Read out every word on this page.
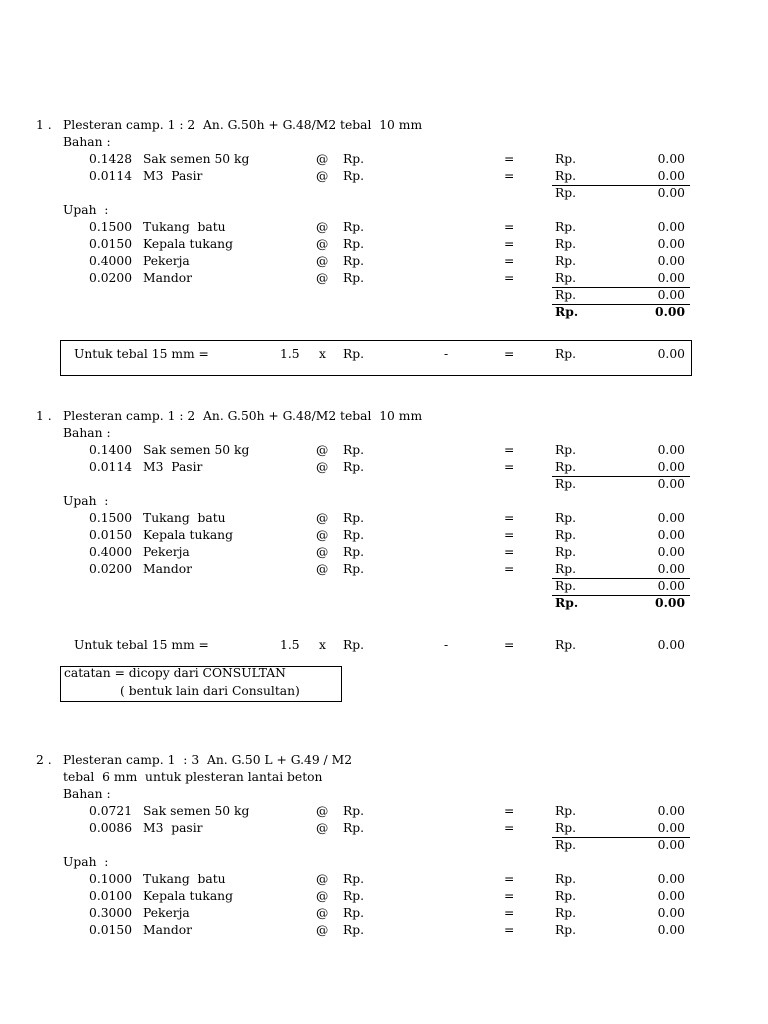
1 . Plesteran camp. 1 : 2  An. G.50h + G.48/M2 tebal  10 mm
Bahan :
0.1428 Sak semen 50 kg	@ Rp.	=	Rp.	0.00
0.0114 M3  Pasir	@ Rp.	=	Rp.	0.00
Rp.	0.00
Upah  :
0.1500 Tukang  batu	@ Rp.	=	Rp.	0.00
0.0150 Kepala tukang	@ Rp.	=	Rp.	0.00
0.4000 Pekerja	@ Rp.	=	Rp.	0.00
0.0200 Mandor	@ Rp.	=	Rp.	0.00
Rp.	0.00
Rp.	0.00
Untuk tebal 15 mm =	1.5 x Rp.	-	=	Rp.	0.00
1 . Plesteran camp. 1 : 2  An. G.50h + G.48/M2 tebal  10 mm
Bahan :
0.1400 Sak semen 50 kg	@ Rp.	=	Rp.	0.00
0.0114 M3  Pasir	@ Rp.	=	Rp.	0.00
Rp.	0.00
Upah  :
0.1500 Tukang  batu	@ Rp.	=	Rp.	0.00
0.0150 Kepala tukang	@ Rp.	=	Rp.	0.00
0.4000 Pekerja	@ Rp.	=	Rp.	0.00
0.0200 Mandor	@ Rp.	=	Rp.	0.00
Rp.	0.00
Rp.	0.00
Untuk tebal 15 mm =	1.5 x Rp.	-	=	Rp.	0.00
2 . Plesteran camp. 1  : 3  An. G.50 L + G.49 / M2
tebal  6 mm  untuk plesteran lantai beton
Bahan :
0.0721 Sak semen 50 kg	@ Rp.	=	Rp.	0.00
0.0086 M3  pasir	@ Rp.	=	Rp.	0.00
Rp.	0.00
Upah  :
0.1000 Tukang  batu	@ Rp.	=	Rp.	0.00
0.0100 Kepala tukang	@ Rp.	=	Rp.	0.00
0.3000 Pekerja	@ Rp.	=	Rp.	0.00
0.0150 Mandor	@ Rp.	=	Rp.	0.00
catatan = dicopy dari CONSULTAN
( bentuk lain dari Consultan)
